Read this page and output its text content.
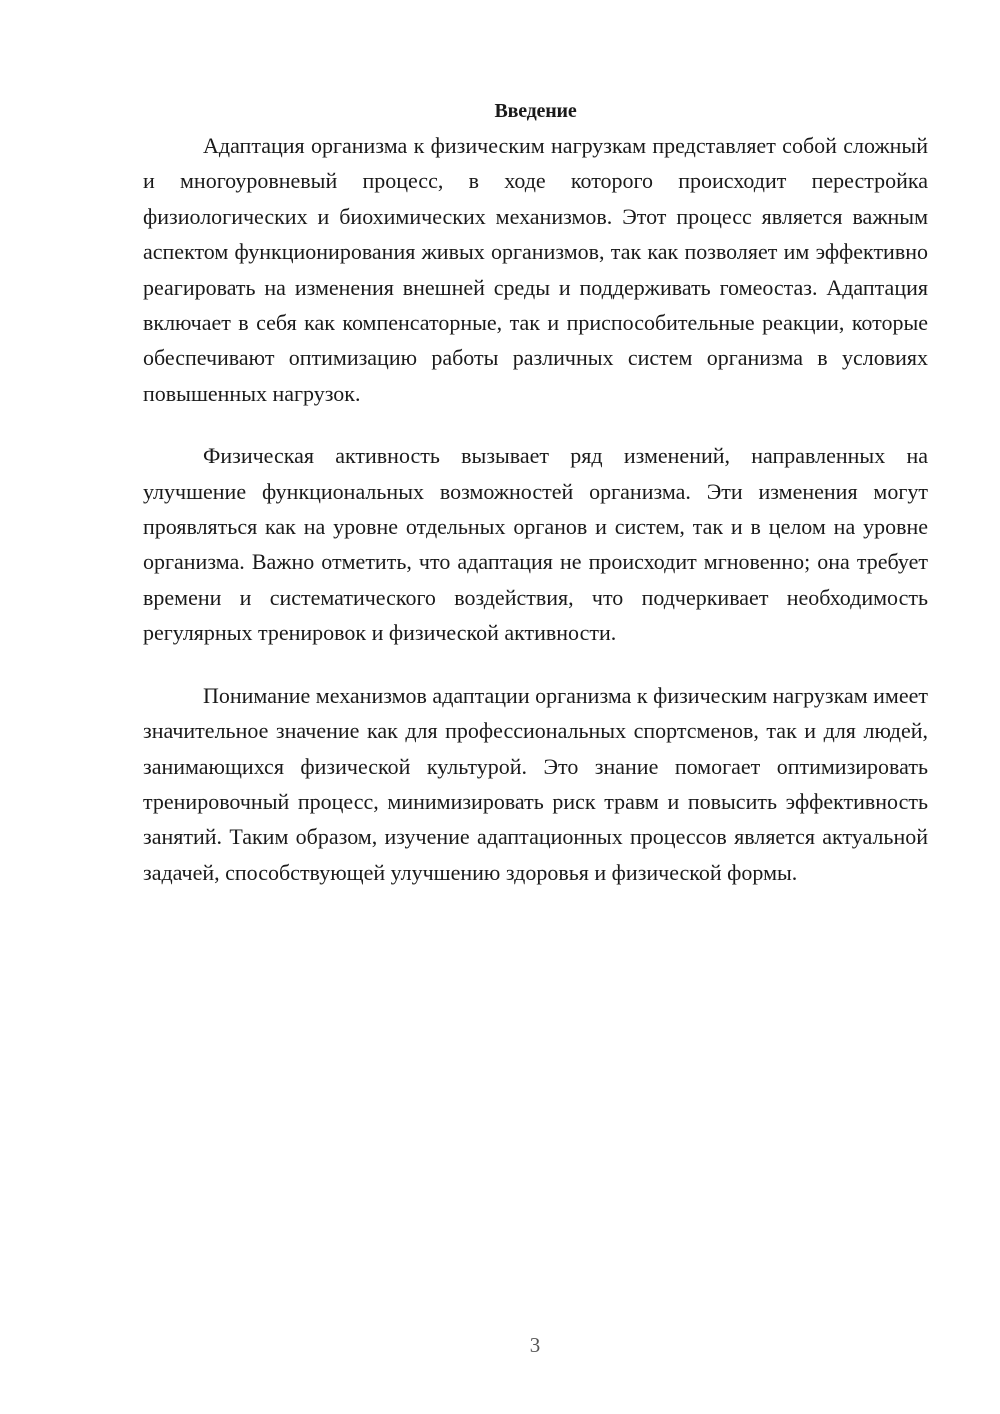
Введение

Адаптация организма к физическим нагрузкам представляет собой сложный и многоуровневый процесс, в ходе которого происходит перестройка физиологических и биохимических механизмов. Этот процесс является важным аспектом функционирования живых организмов, так как позволяет им эффективно реагировать на изменения внешней среды и поддерживать гомеостаз. Адаптация включает в себя как компенсаторные, так и приспособительные реакции, которые обеспечивают оптимизацию работы различных систем организма в условиях повышенных нагрузок.

Физическая активность вызывает ряд изменений, направленных на улучшение функциональных возможностей организма. Эти изменения могут проявляться как на уровне отдельных органов и систем, так и в целом на уровне организма. Важно отметить, что адаптация не происходит мгновенно; она требует времени и систематического воздействия, что подчеркивает необходимость регулярных тренировок и физической активности.

Понимание механизмов адаптации организма к физическим нагрузкам имеет значительное значение как для профессиональных спортсменов, так и для людей, занимающихся физической культурой. Это знание помогает оптимизировать тренировочный процесс, минимизировать риск травм и повысить эффективность занятий. Таким образом, изучение адаптационных процессов является актуальной задачей, способствующей улучшению здоровья и физической формы.

3
